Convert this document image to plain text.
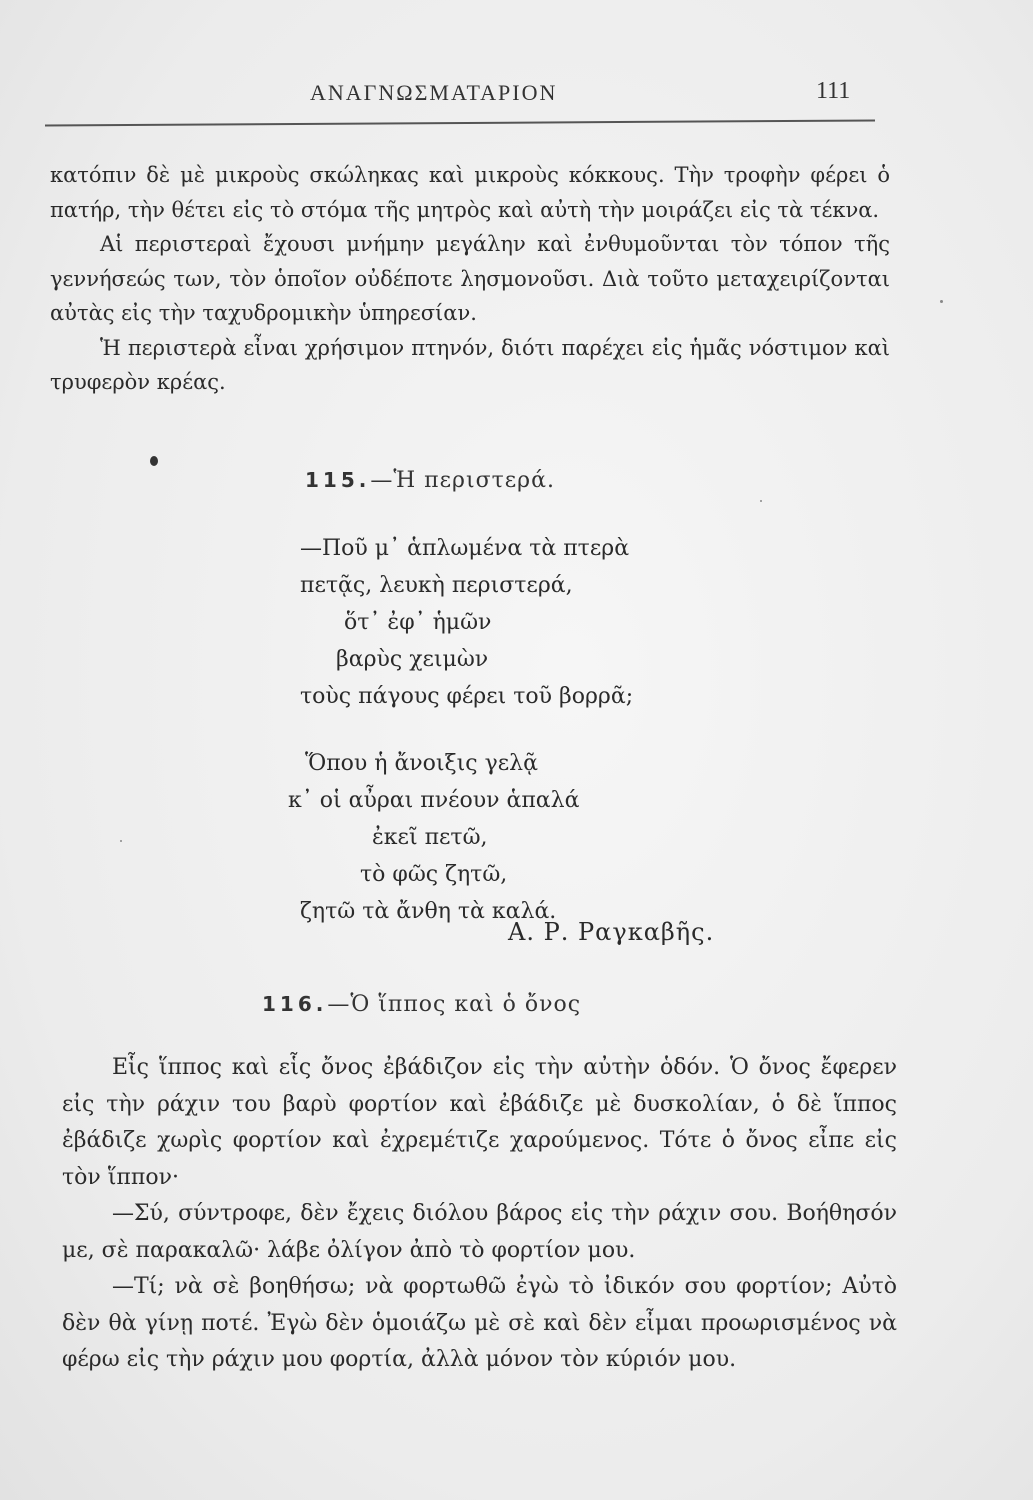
ΑΝΑΓΝΩΣΜΑΤΑΡΙΟΝ	111

κατόπιν δὲ μὲ μικροὺς σκώληκας καὶ μικροὺς κόκκους. Τὴν τροφὴν φέρει ὁ πατήρ, τὴν θέτει εἰς τὸ στόμα τῆς μητρὸς καὶ αὐτὴ τὴν μοιράζει εἰς τὰ τέκνα.

Αἱ περιστεραὶ ἔχουσι μνήμην μεγάλην καὶ ἐνθυμοῦνται τὸν τόπον τῆς γεννήσεώς των, τὸν ὁποῖον οὐδέποτε λησμονοῦσι. Διὰ τοῦτο μεταχειρίζονται αὐτὰς εἰς τὴν ταχυδρομικὴν ὑπηρεσίαν.

Ἡ περιστερὰ εἶναι χρήσιμον πτηνόν, διότι παρέχει εἰς ἡμᾶς νόστιμον καὶ τρυφερὸν κρέας.

115.—Ἡ περιστερά.
—Ποῦ μ᾽ ἁπλωμένα τὰ πτερὰ
πετᾷς, λευκὴ περιστερά,
ὅτ᾽ ἐφ᾽ ἡμῶν
βαρὺς χειμὼν
τοὺς πάγους φέρει τοῦ βορρᾶ;
Ὅπου ἡ ἄνοιξις γελᾷ
κ᾽ οἱ αὖραι πνέουν ἁπαλά
ἐκεῖ πετῶ,
τὸ φῶς ζητῶ,
ζητῶ τὰ ἄνθη τὰ καλά.
Α. Ρ. Ραγκαβῆς.
116.—Ὁ ἵππος καὶ ὁ ὄνος

Εἷς ἵππος καὶ εἷς ὄνος ἐβάδιζον εἰς τὴν αὐτὴν ὁδόν. Ὁ ὄνος ἔφερεν εἰς τὴν ράχιν του βαρὺ φορτίον καὶ ἐβάδιζε μὲ δυσκολίαν, ὁ δὲ ἵππος ἐβάδιζε χωρὶς φορτίον καὶ ἐχρεμέτιζε χαρούμενος. Τότε ὁ ὄνος εἶπε εἰς τὸν ἵππον·

—Σύ, σύντροφε, δὲν ἔχεις διόλου βάρος εἰς τὴν ράχιν σου. Βοήθησόν με, σὲ παρακαλῶ· λάβε ὀλίγον ἀπὸ τὸ φορτίον μου.

—Τί; νὰ σὲ βοηθήσω; νὰ φορτωθῶ ἐγὼ τὸ ἰδικόν σου φορτίον; Αὐτὸ δὲν θὰ γίνῃ ποτέ. Ἐγὼ δὲν ὁμοιάζω μὲ σὲ καὶ δὲν εἶμαι προωρισμένος νὰ φέρω εἰς τὴν ράχιν μου φορτία, ἀλλὰ μόνον τὸν κύριόν μου.
